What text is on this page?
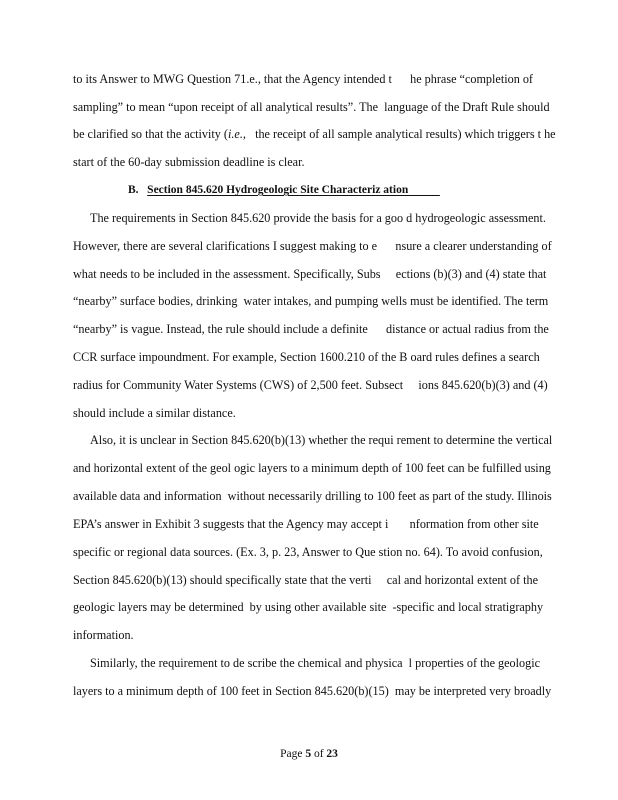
to its Answer to MWG Question 71.e., that the Agency intended t      he phrase “completion of
sampling” to mean “upon receipt of all analytical results”. The  language of the Draft Rule should
be clarified so that the activity (i.e.,   the receipt of all sample analytical results) which triggers t he
start of the 60-day submission deadline is clear.
B. Section 845.620 Hydrogeologic Site Characteriz ation
The requirements in Section 845.620 provide the basis for a goo d hydrogeologic assessment.
However, there are several clarifications I suggest making to e      nsure a clearer understanding of
what needs to be included in the assessment. Specifically, Subs     ections (b)(3) and (4) state that
“nearby” surface bodies, drinking  water intakes, and pumping wells must be identified. The term
“nearby” is vague. Instead, the rule should include a definite      distance or actual radius from the
CCR surface impoundment. For example, Section 1600.210 of the B oard rules defines a search
radius for Community Water Systems (CWS) of 2,500 feet. Subsect     ions 845.620(b)(3) and (4)
should include a similar distance.
Also, it is unclear in Section 845.620(b)(13) whether the requi rement to determine the vertical
and horizontal extent of the geol ogic layers to a minimum depth of 100 feet can be fulfilled using
available data and information  without necessarily drilling to 100 feet as part of the study. Illinois
EPA’s answer in Exhibit 3 suggests that the Agency may accept i       nformation from other site
specific or regional data sources. (Ex. 3, p. 23, Answer to Que stion no. 64). To avoid confusion,
Section 845.620(b)(13) should specifically state that the verti     cal and horizontal extent of the
geologic layers may be determined  by using other available site  -specific and local stratigraphy
information.
Similarly, the requirement to de scribe the chemical and physica  l properties of the geologic
layers to a minimum depth of 100 feet in Section 845.620(b)(15)  may be interpreted very broadly
Page 5 of 23
